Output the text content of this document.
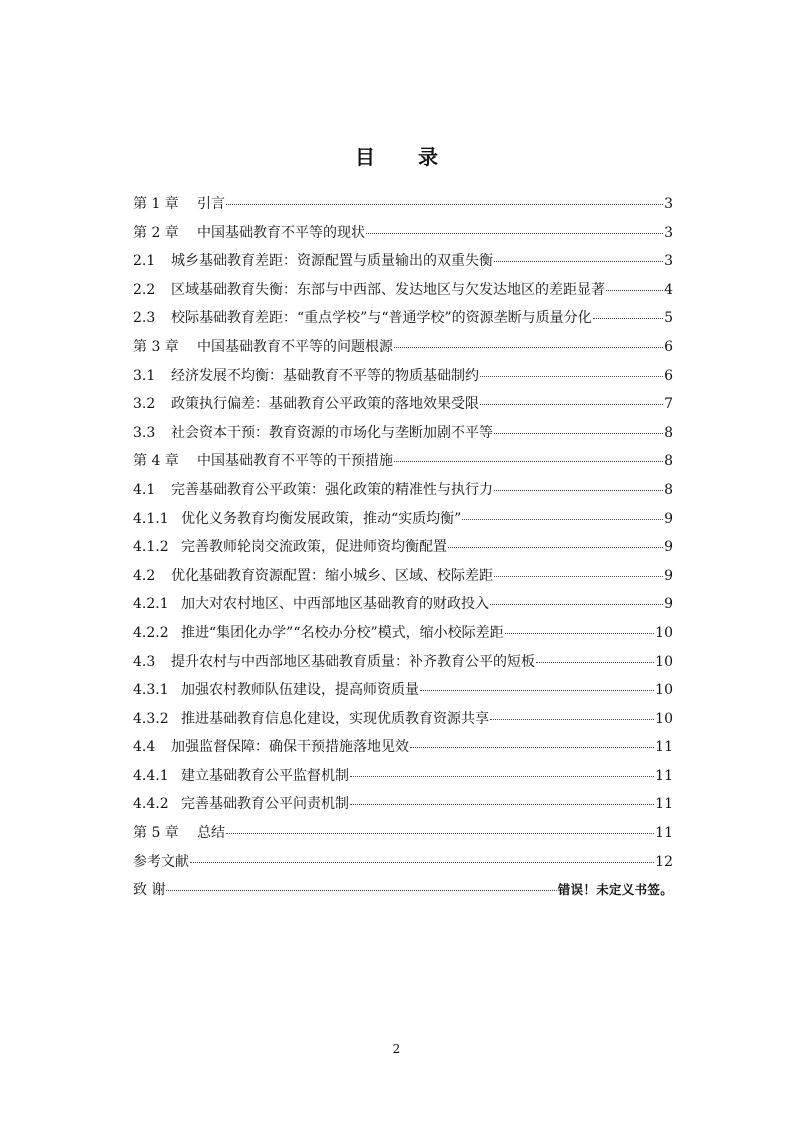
目 录
第 1 章 引言	3
第 2 章 中国基础教育不平等的现状	3
2.1 城乡基础教育差距：资源配置与质量输出的双重失衡	3
2.2 区域基础教育失衡：东部与中西部、发达地区与欠发达地区的差距显著	4
2.3 校际基础教育差距：“重点学校”与“普通学校”的资源垄断与质量分化	5
第 3 章 中国基础教育不平等的问题根源	6
3.1 经济发展不均衡：基础教育不平等的物质基础制约	6
3.2 政策执行偏差：基础教育公平政策的落地效果受限	7
3.3 社会资本干预：教育资源的市场化与垄断加剧不平等	8
第 4 章 中国基础教育不平等的干预措施	8
4.1 完善基础教育公平政策：强化政策的精准性与执行力	8
4.1.1 优化义务教育均衡发展政策，推动“实质均衡”	9
4.1.2 完善教师轮岗交流政策，促进师资均衡配置	9
4.2 优化基础教育资源配置：缩小城乡、区域、校际差距	9
4.2.1 加大对农村地区、中西部地区基础教育的财政投入	9
4.2.2 推进“集团化办学”“名校办分校”模式，缩小校际差距	10
4.3 提升农村与中西部地区基础教育质量：补齐教育公平的短板	10
4.3.1 加强农村教师队伍建设，提高师资质量	10
4.3.2 推进基础教育信息化建设，实现优质教育资源共享	10
4.4 加强监督保障：确保干预措施落地见效	11
4.4.1 建立基础教育公平监督机制	11
4.4.2 完善基础教育公平问责机制	11
第 5 章 总结	11
参考文献	12
致 谢	错误！未定义书签。
2
